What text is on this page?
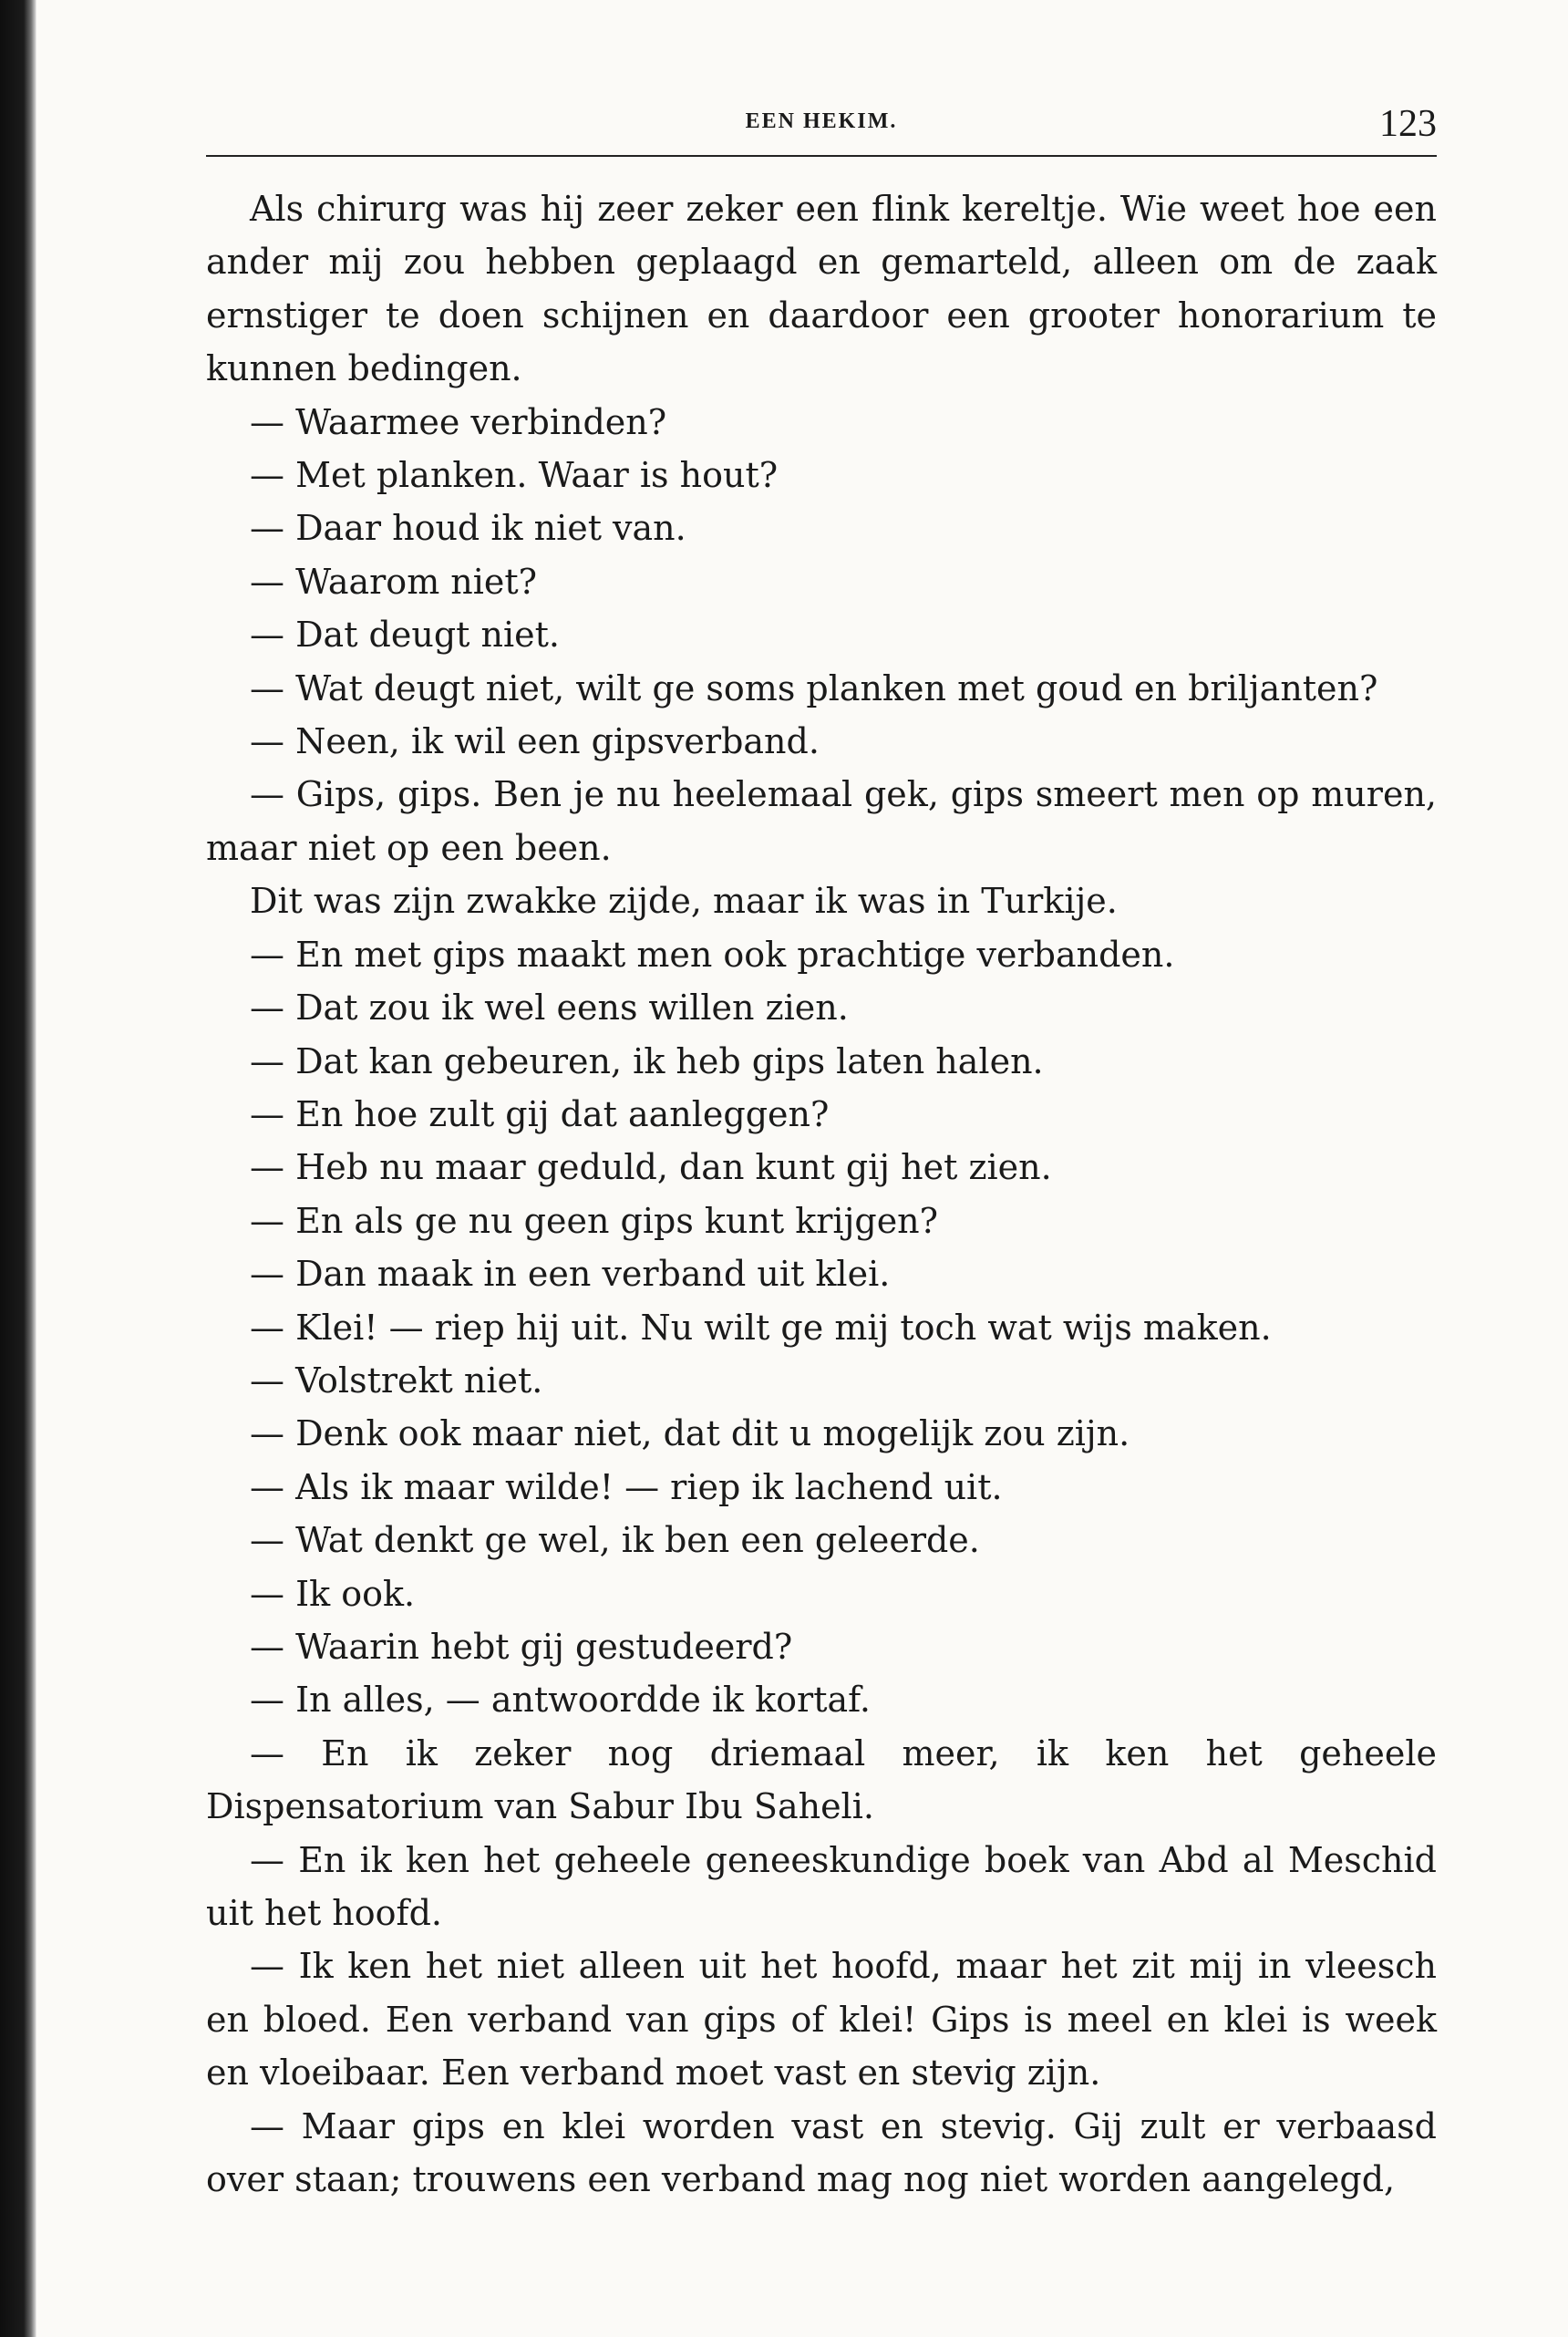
EEN HEKIM.	123

Als chirurg was hij zeer zeker een flink kereltje. Wie weet hoe een ander mij zou hebben geplaagd en gemarteld, alleen om de zaak ernstiger te doen schijnen en daardoor een grooter honorarium te kunnen bedingen.

— Waarmee verbinden?

— Met planken. Waar is hout?

— Daar houd ik niet van.

— Waarom niet?

— Dat deugt niet.

— Wat deugt niet, wilt ge soms planken met goud en briljanten?

— Neen, ik wil een gipsverband.

— Gips, gips. Ben je nu heelemaal gek, gips smeert men op muren, maar niet op een been.

Dit was zijn zwakke zijde, maar ik was in Turkije.

— En met gips maakt men ook prachtige verbanden.

— Dat zou ik wel eens willen zien.

— Dat kan gebeuren, ik heb gips laten halen.

— En hoe zult gij dat aanleggen?

— Heb nu maar geduld, dan kunt gij het zien.

— En als ge nu geen gips kunt krijgen?

— Dan maak in een verband uit klei.

— Klei! — riep hij uit. Nu wilt ge mij toch wat wijs maken.

— Volstrekt niet.

— Denk ook maar niet, dat dit u mogelijk zou zijn.

— Als ik maar wilde! — riep ik lachend uit.

— Wat denkt ge wel, ik ben een geleerde.

— Ik ook.

— Waarin hebt gij gestudeerd?

— In alles, — antwoordde ik kortaf.

— En ik zeker nog driemaal meer, ik ken het geheele Dispensatorium van Sabur Ibu Saheli.

— En ik ken het geheele geneeskundige boek van Abd al Meschid uit het hoofd.

— Ik ken het niet alleen uit het hoofd, maar het zit mij in vleesch en bloed. Een verband van gips of klei! Gips is meel en klei is week en vloeibaar. Een verband moet vast en stevig zijn.

— Maar gips en klei worden vast en stevig. Gij zult er verbaasd over staan; trouwens een verband mag nog niet worden aangelegd,
